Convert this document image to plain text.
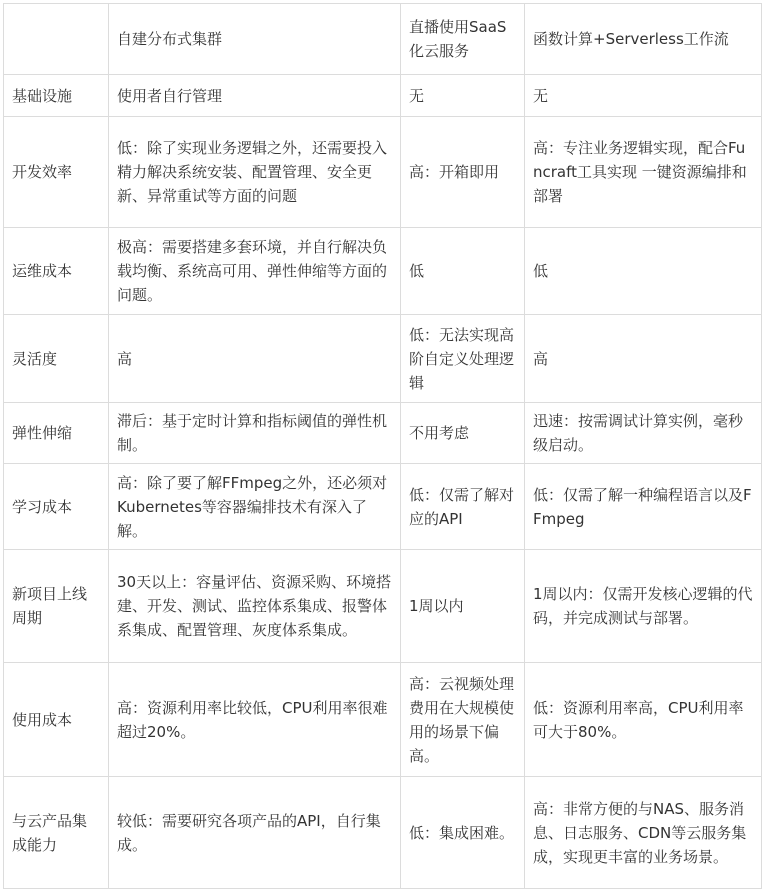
	自建分布式集群	直播使用SaaS化云服务	函数计算+Serverless工作流
基础设施	使用者自行管理	无	无
开发效率	低：除了实现业务逻辑之外，还需要投入精力解决系统安装、配置管理、安全更新、异常重试等方面的问题	高：开箱即用	高：专注业务逻辑实现，配合Funcraft工具实现 一键资源编排和部署
运维成本	极高：需要搭建多套环境，并自行解决负载均衡、系统高可用、弹性伸缩等方面的问题。	低	低
灵活度	高	低：无法实现高阶自定义处理逻辑	高
弹性伸缩	滞后：基于定时计算和指标阈值的弹性机制。	不用考虑	迅速：按需调试计算实例，毫秒级启动。
学习成本	高：除了要了解FFmpeg之外，还必须对Kubernetes等容器编排技术有深入了解。	低：仅需了解对应的API	低：仅需了解一种编程语言以及FFmpeg
新项目上线周期	30天以上：容量评估、资源采购、环境搭建、开发、测试、监控体系集成、报警体系集成、配置管理、灰度体系集成。	1周以内	1周以内：仅需开发核心逻辑的代码，并完成测试与部署。
使用成本	高：资源利用率比较低，CPU利用率很难超过20%。	高：云视频处理费用在大规模使用的场景下偏高。	低：资源利用率高，CPU利用率可大于80%。
与云产品集成能力	较低：需要研究各项产品的API，自行集成。	低：集成困难。	高：非常方便的与NAS、服务消息、日志服务、CDN等云服务集成，实现更丰富的业务场景。
